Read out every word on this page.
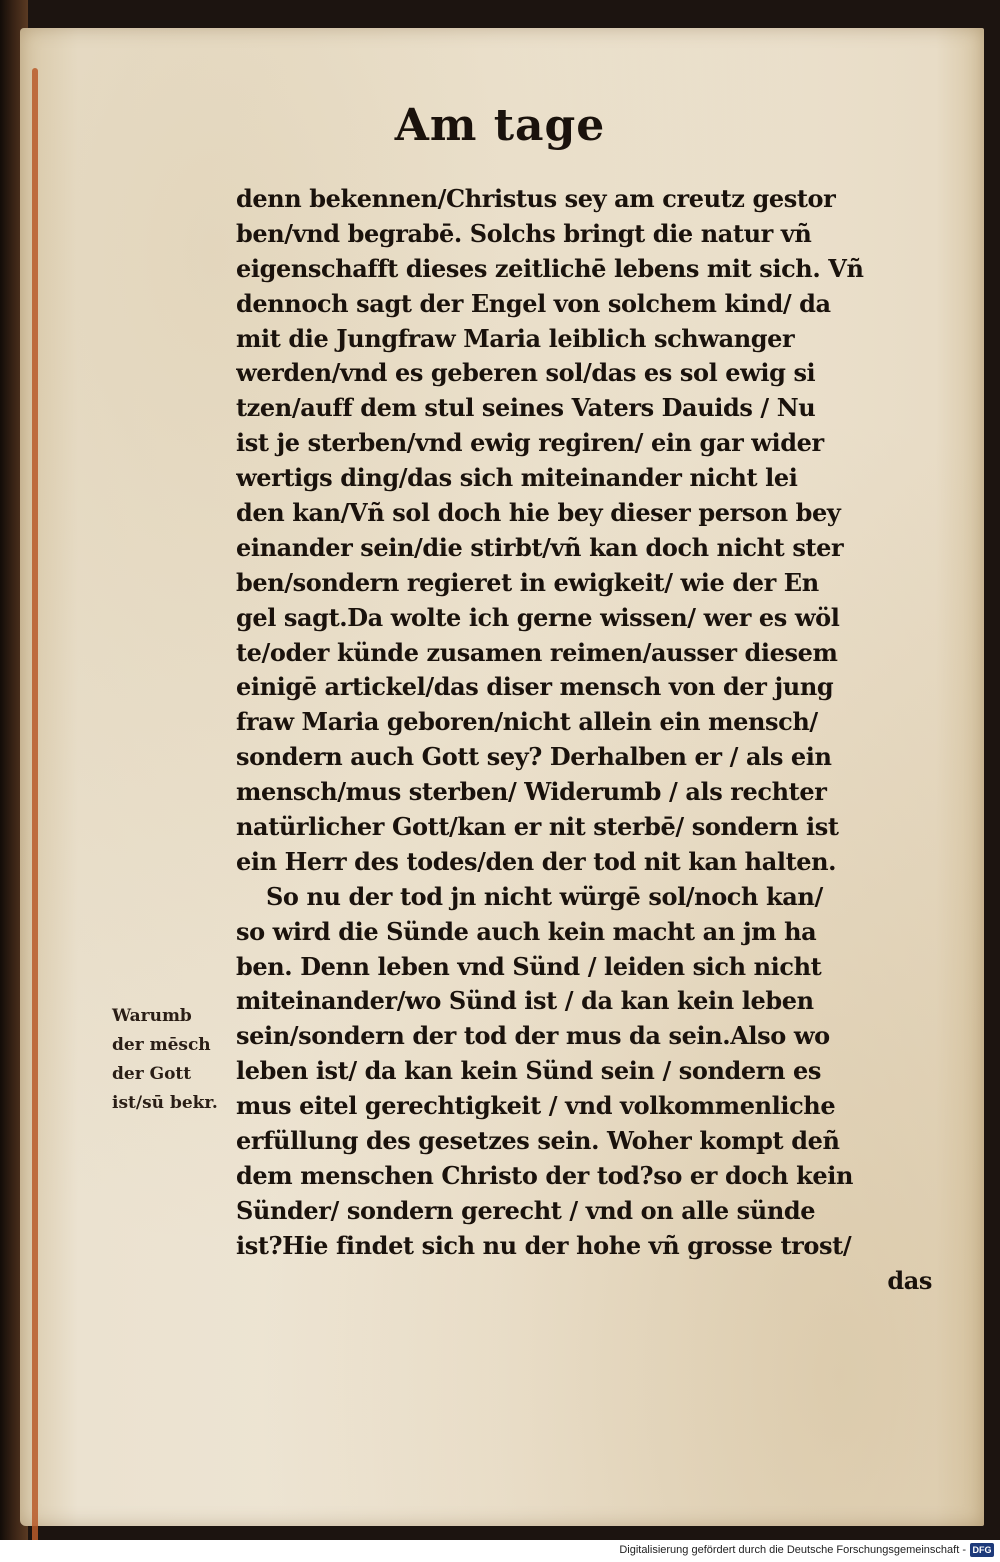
Am tage
denn bekennen/Christus sey am creutz gestor
ben/vnd begrabē. Solchs bringt die natur vñ
eigenschafft dieses zeitlichē lebens mit sich. Vñ
dennoch sagt der Engel von solchem kind/ da
mit die Jungfraw Maria leiblich schwanger
werden/vnd es geberen sol/das es sol ewig si
tzen/auff dem stul seines Vaters Dauids / Nu
ist je sterben/vnd ewig regiren/ ein gar wider
wertigs ding/das sich miteinander nicht lei
den kan/Vñ sol doch hie bey dieser person bey
einander sein/die stirbt/vñ kan doch nicht ster
ben/sondern regieret in ewigkeit/ wie der En
gel sagt.Da wolte ich gerne wissen/ wer es wöl
te/oder künde zusamen reimen/ausser diesem
einigē artickel/das diser mensch von der jung
fraw Maria geboren/nicht allein ein mensch/
sondern auch Gott sey? Derhalben er / als ein
mensch/mus sterben/ Widerumb / als rechter
natürlicher Gott/kan er nit sterbē/ sondern ist
ein Herr des todes/den der tod nit kan halten.
So nu der tod jn nicht würgē sol/noch kan/
so wird die Sünde auch kein macht an jm ha
ben. Denn leben vnd Sünd / leiden sich nicht
miteinander/wo Sünd ist / da kan kein leben
sein/sondern der tod der mus da sein.Also wo
leben ist/ da kan kein Sünd sein / sondern es
mus eitel gerechtigkeit / vnd volkommenliche
erfüllung des gesetzes sein. Woher kompt deñ
dem menschen Christo der tod?so er doch kein
Sünder/ sondern gerecht / vnd on alle sünde
ist?Hie findet sich nu der hohe vñ grosse trost/
das
Warumb
der mēsch
der Gott
ist/sū bekr.
Digitalisierung gefördert durch die Deutsche Forschungsgemeinschaft - DFG
